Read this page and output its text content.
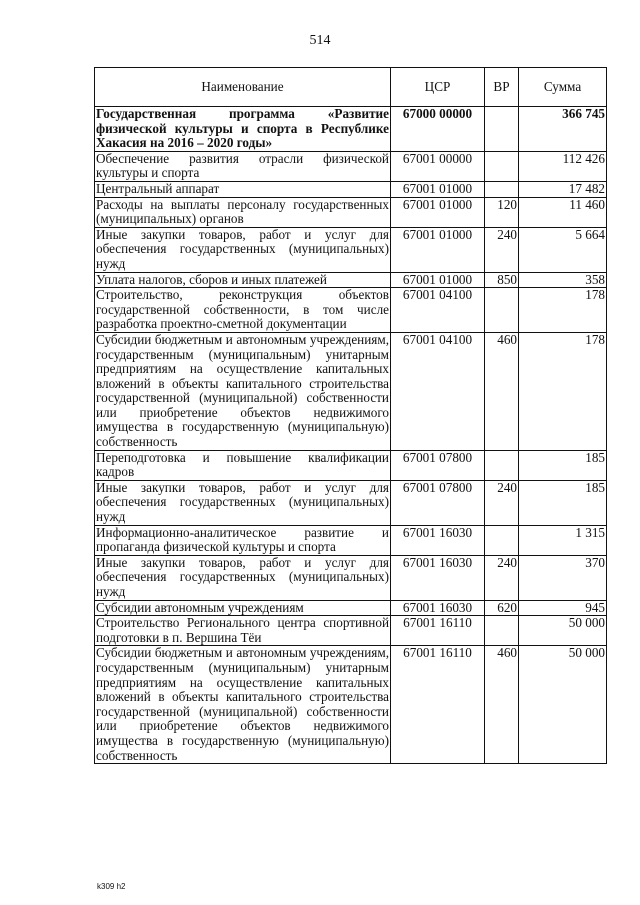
514
Наименование	ЦСР	ВР	Сумма
Государственная программа «Развитие физической культуры и спорта в Республике Хакасия на 2016 – 2020 годы»	67000 00000		366 745
Обеспечение развития отрасли физической культуры и спорта	67001 00000		112 426
Центральный аппарат	67001 01000		17 482
Расходы на выплаты персоналу государственных (муниципальных) органов	67001 01000	120	11 460
Иные закупки товаров, работ и услуг для обеспечения государственных (муниципальных) нужд	67001 01000	240	5 664
Уплата налогов, сборов и иных платежей	67001 01000	850	358
Строительство, реконструкция объектов государственной собственности, в том числе разработка проектно-сметной документации	67001 04100		178
Субсидии бюджетным и автономным учреждениям, государственным (муниципальным) унитарным предприятиям на осуществление капитальных вложений в объекты капитального строительства государственной (муниципальной) собственности или приобретение объектов недвижимого имущества в государственную (муниципальную) собственность	67001 04100	460	178
Переподготовка и повышение квалификации кадров	67001 07800		185
Иные закупки товаров, работ и услуг для обеспечения государственных (муниципальных) нужд	67001 07800	240	185
Информационно-аналитическое развитие и пропаганда физической культуры и спорта	67001 16030		1 315
Иные закупки товаров, работ и услуг для обеспечения государственных (муниципальных) нужд	67001 16030	240	370
Субсидии автономным учреждениям	67001 16030	620	945
Строительство Регионального центра спортивной подготовки в п. Вершина Тёи	67001 16110		50 000
Субсидии бюджетным и автономным учреждениям, государственным (муниципальным) унитарным предприятиям на осуществление капитальных вложений в объекты капитального строительства государственной (муниципальной) собственности или приобретение объектов недвижимого имущества в государственную (муниципальную) собственность	67001 16110	460	50 000
k309 h2
